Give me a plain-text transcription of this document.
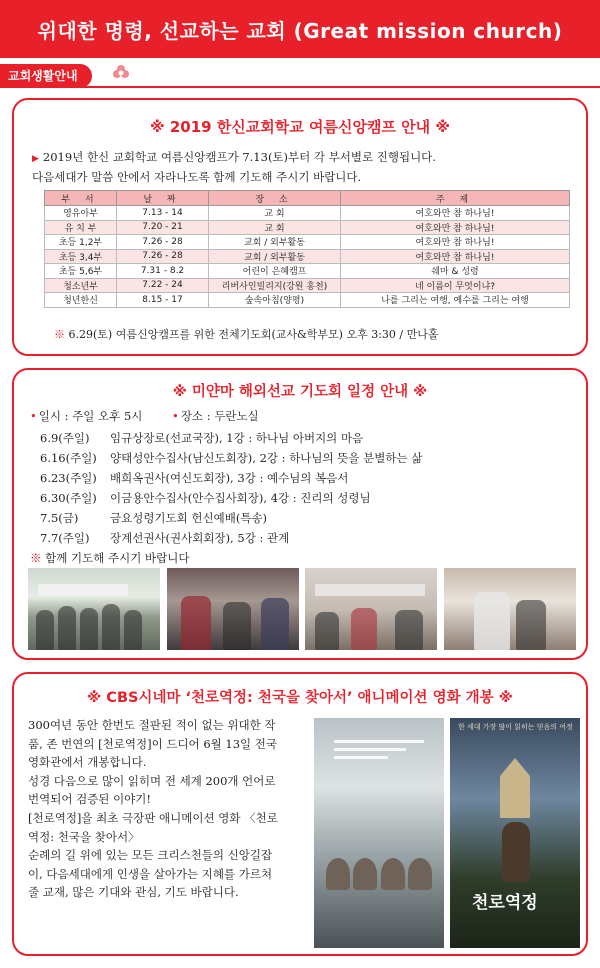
위대한 명령, 선교하는 교회 (Great mission church)
교회생활안내
※ 2019 한신교회학교 여름신앙캠프 안내 ※
▶ 2019년 한신 교회학교 여름신앙캠프가 7.13(토)부터 각 부서별로 진행됩니다.
다음세대가 말씀 안에서 자라나도록 함께 기도해 주시기 바랍니다.
부 서	날 짜	장 소	주 제
영유아부	7.13 - 14	교 회	여호와만 참 하나님!
유 치 부	7.20 - 21	교 회	여호와만 참 하나님!
초등 1,2부	7.26 - 28	교회 / 외부활동	여호와만 참 하나님!
초등 3,4부	7.26 - 28	교회 / 외부활동	여호와만 참 하나님!
초등 5,6부	7.31 - 8.2	어린이 은혜캠프	쉐마 & 성령
청소년부	7.22 - 24	리버사인빌리지(강원 홍천)	네 이름이 무엇이냐?
청년한신	8.15 - 17	숲속아침(양평)	나를 그리는 여행, 예수를 그리는 여행
※ 6.29(토) 여름신앙캠프를 위한 전체기도회(교사&학부모) 오후 3:30 / 만나홀
※ 미얀마 해외선교 기도회 일정 안내 ※
• 일시 : 주일 오후 5시	• 장소 : 두란노실
6.9(주일)	임규상장로(선교국장), 1강 : 하나님 아버지의 마음
6.16(주일)	양태성안수집사(남신도회장), 2강 : 하나님의 뜻을 분별하는 삶
6.23(주일)	배희옥권사(여신도회장), 3강 : 예수님의 복음서
6.30(주일)	이금용안수집사(안수집사회장), 4강 : 진리의 성령님
7.5(금)	금요성령기도회 헌신예배(특송)
7.7(주일)	장계선권사(권사회회장), 5강 : 관계
※ 함께 기도해 주시기 바랍니다
※ CBS시네마 ‘천로역정: 천국을 찾아서’ 애니메이션 영화 개봉 ※
300여년 동안 한번도 절판된 적이 없는 위대한 작
품, 존 번연의 [천로역정]이 드디어 6월 13일 전국
영화관에서 개봉합니다.
성경 다음으로 많이 읽히며 전 세계 200개 언어로
번역되어 검증된 이야기!
[천로역정]을 최초 극장판 애니메이션 영화 〈천로
역정: 천국을 찾아서〉
순례의 길 위에 있는 모든 크리스천들의 신앙길잡
이, 다음세대에게 인생을 살아가는 지혜를 가르쳐
줄 교재, 많은 기대와 관심, 기도 바랍니다.
한 세대 가장 많이 읽히는 믿음의 여정
천로역정
